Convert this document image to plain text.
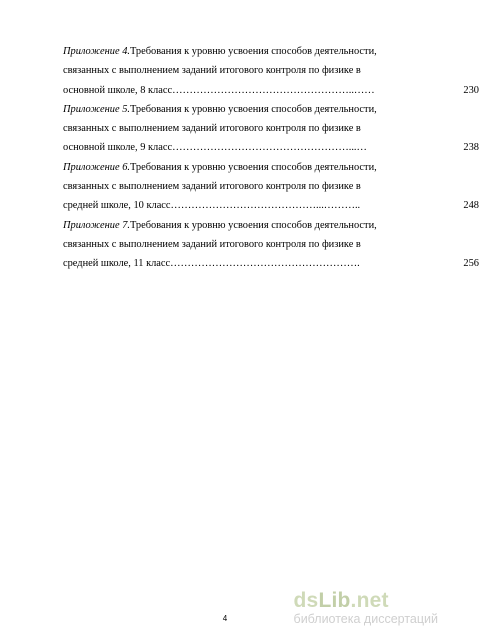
Приложение 4. Требования к уровню усвоения способов деятельности,
связанных с выполнением заданий итогового контроля по физике в
основной школе, 8 класс……………………………………………..……	230
Приложение 5. Требования к уровню усвоения способов деятельности,
связанных с выполнением заданий итогового контроля по физике в
основной школе, 9 класс……………………………………………...…	238
Приложение 6. Требования к уровню усвоения способов деятельности,
связанных с выполнением заданий итогового контроля по физике в
средней школе, 10 класс……………………………………...………..	248
Приложение 7. Требования к уровню усвоения способов деятельности,
связанных с выполнением заданий итогового контроля по физике в
средней школе, 11 класс……………………………………………….	256
4
dsLib.net
библиотека диссертаций
